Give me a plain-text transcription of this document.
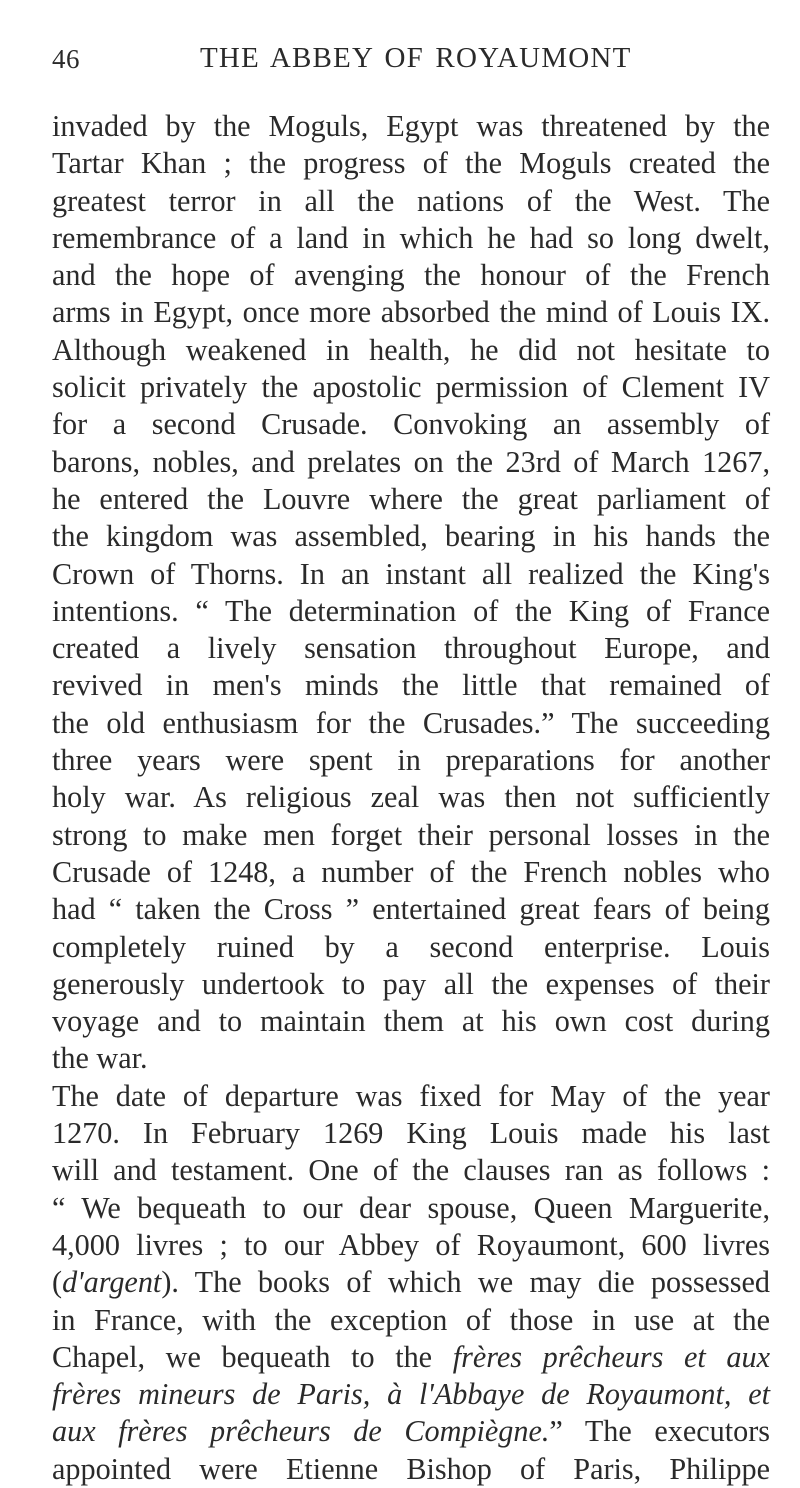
46	THE ABBEY OF ROYAUMONT
invaded by the Moguls, Egypt was threatened by the
Tartar Khan ; the progress of the Moguls created the
greatest terror in all the nations of the West. The
remembrance of a land in which he had so long dwelt,
and the hope of avenging the honour of the French
arms in Egypt, once more absorbed the mind of Louis IX.
Although weakened in health, he did not hesitate to
solicit privately the apostolic permission of Clement IV
for a second Crusade. Convoking an assembly of
barons, nobles, and prelates on the 23rd of March 1267,
he entered the Louvre where the great parliament of
the kingdom was assembled, bearing in his hands the
Crown of Thorns. In an instant all realized the King's
intentions. “ The determination of the King of France
created a lively sensation throughout Europe, and
revived in men's minds the little that remained of
the old enthusiasm for the Crusades.” The succeeding
three years were spent in preparations for another
holy war. As religious zeal was then not sufficiently
strong to make men forget their personal losses in the
Crusade of 1248, a number of the French nobles who
had “ taken the Cross ” entertained great fears of being
completely ruined by a second enterprise. Louis
generously undertook to pay all the expenses of their
voyage and to maintain them at his own cost during
the war.
The date of departure was fixed for May of the year
1270. In February 1269 King Louis made his last
will and testament. One of the clauses ran as follows :
“ We bequeath to our dear spouse, Queen Marguerite,
4,000 livres ; to our Abbey of Royaumont, 600 livres
(d'argent). The books of which we may die possessed
in France, with the exception of those in use at the
Chapel, we bequeath to the frères prêcheurs et aux
frères mineurs de Paris, à l'Abbaye de Royaumont, et
aux frères prêcheurs de Compiègne.” The executors
appointed were Etienne Bishop of Paris, Philippe
